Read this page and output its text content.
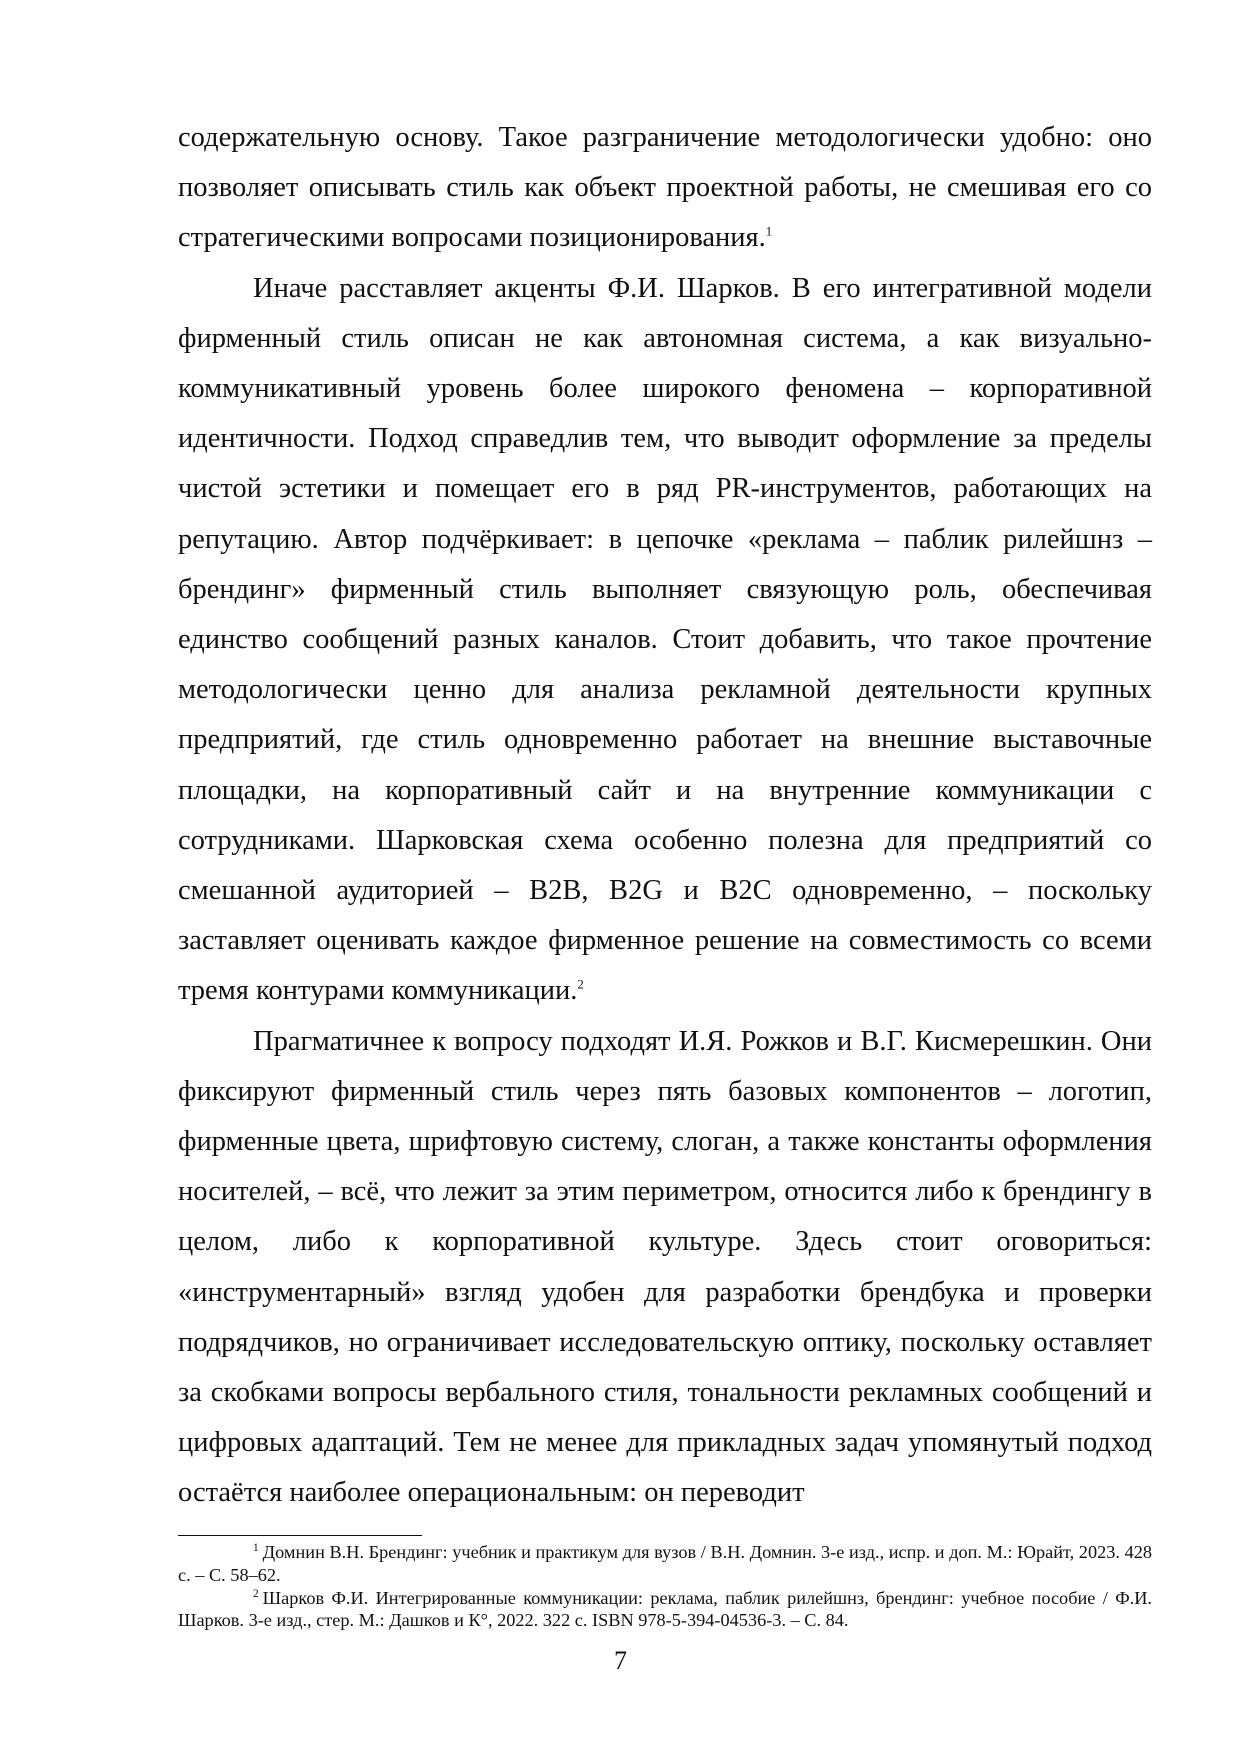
содержательную основу. Такое разграничение методологически удобно: оно позволяет описывать стиль как объект проектной работы, не смешивая его со стратегическими вопросами позиционирования.$^1$

Иначе расставляет акценты Ф.И. Шарков. В его интегративной модели фирменный стиль описан не как автономная система, а как визуально-коммуникативный уровень более широкого феномена – корпоративной идентичности. Подход справедлив тем, что выводит оформление за пределы чистой эстетики и помещает его в ряд PR-инструментов, работающих на репутацию. Автор подчёркивает: в цепочке «реклама – паблик рилейшнз – брендинг» фирменный стиль выполняет связующую роль, обеспечивая единство сообщений разных каналов. Стоит добавить, что такое прочтение методологически ценно для анализа рекламной деятельности крупных предприятий, где стиль одновременно работает на внешние выставочные площадки, на корпоративный сайт и на внутренние коммуникации с сотрудниками. Шарковская схема особенно полезна для предприятий со смешанной аудиторией – B2B, B2G и B2C одновременно, – поскольку заставляет оценивать каждое фирменное решение на совместимость со всеми тремя контурами коммуникации.$^2$

Прагматичнее к вопросу подходят И.Я. Рожков и В.Г. Кисмерешкин. Они фиксируют фирменный стиль через пять базовых компонентов – логотип, фирменные цвета, шрифтовую систему, слоган, а также константы оформления носителей, – всё, что лежит за этим периметром, относится либо к брендингу в целом, либо к корпоративной культуре. Здесь стоит оговориться: «инструментарный» взгляд удобен для разработки брендбука и проверки подрядчиков, но ограничивает исследовательскую оптику, поскольку оставляет за скобками вопросы вербального стиля, тональности рекламных сообщений и цифровых адаптаций. Тем не менее для прикладных задач упомянутый подход остаётся наиболее операциональным: он переводит

$^1$ Домнин В.Н. Брендинг: учебник и практикум для вузов / В.Н. Домнин. 3-е изд., испр. и доп. М.: Юрайт, 2023. 428 с. – С. 58–62.

$^2$ Шарков Ф.И. Интегрированные коммуникации: реклама, паблик рилейшнз, брендинг: учебное пособие / Ф.И. Шарков. 3-е изд., стер. М.: Дашков и К°, 2022. 322 с. ISBN 978-5-394-04536-3. – С. 84.

7
